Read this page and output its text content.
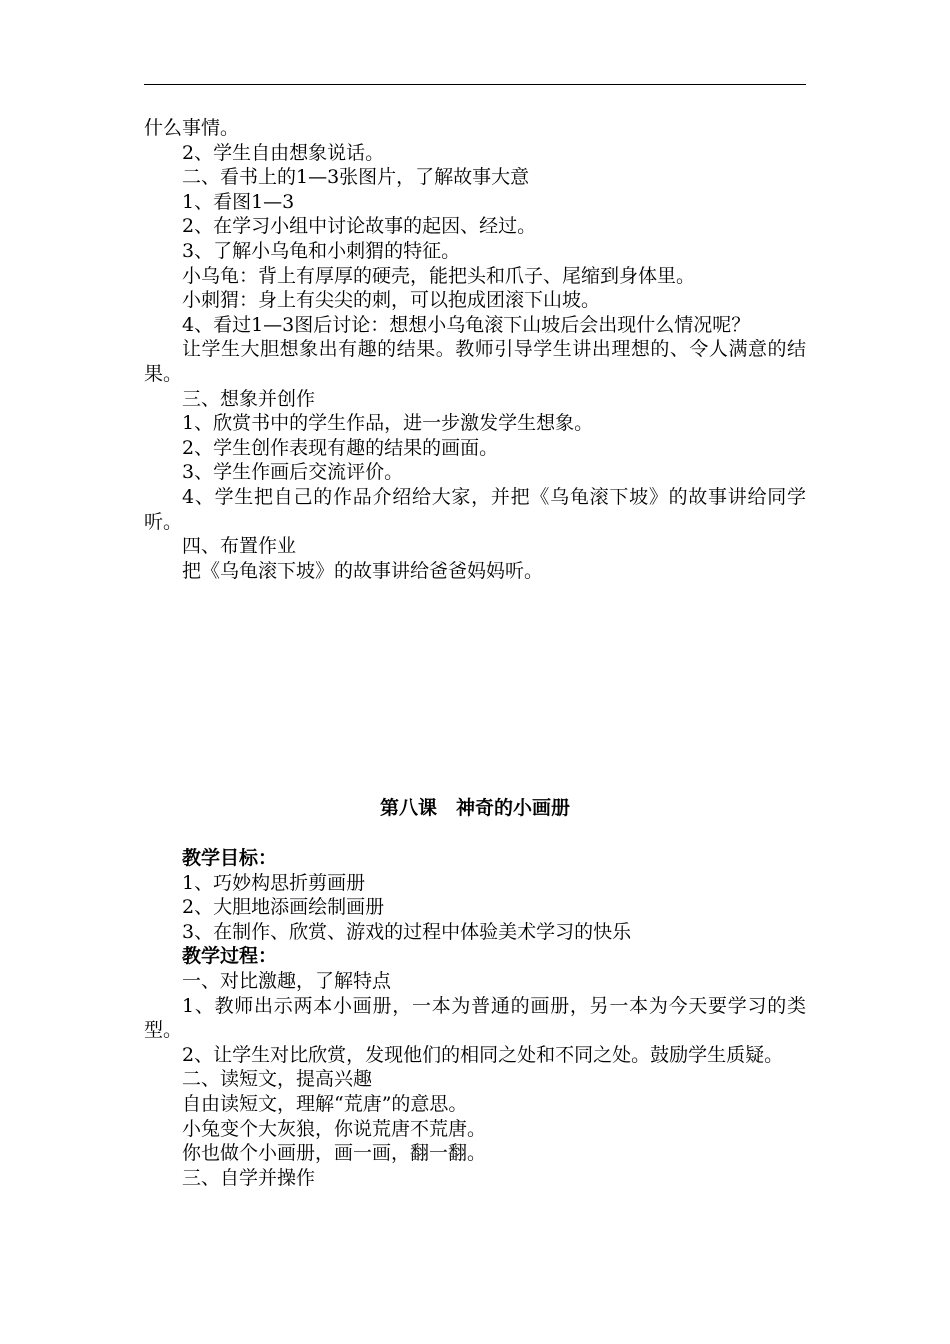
什么事情。

2、学生自由想象说话。

二、看书上的1—3张图片，了解故事大意

1、看图1—3

2、在学习小组中讨论故事的起因、经过。

3、了解小乌龟和小刺猬的特征。

小乌龟：背上有厚厚的硬壳，能把头和爪子、尾缩到身体里。

小刺猬：身上有尖尖的刺，可以抱成团滚下山坡。

4、看过1—3图后讨论：想想小乌龟滚下山坡后会出现什么情况呢？

让学生大胆想象出有趣的结果。教师引导学生讲出理想的、令人满意的结果。

三、想象并创作

1、欣赏书中的学生作品，进一步激发学生想象。

2、学生创作表现有趣的结果的画面。

3、学生作画后交流评价。

4、学生把自己的作品介绍给大家，并把《乌龟滚下坡》的故事讲给同学听。

四、布置作业

把《乌龟滚下坡》的故事讲给爸爸妈妈听。

第八课　神奇的小画册

教学目标：

1、巧妙构思折剪画册

2、大胆地添画绘制画册

3、在制作、欣赏、游戏的过程中体验美术学习的快乐

教学过程：

一、对比激趣，了解特点

1、教师出示两本小画册，一本为普通的画册，另一本为今天要学习的类型。

2、让学生对比欣赏，发现他们的相同之处和不同之处。鼓励学生质疑。

二、读短文，提高兴趣

自由读短文，理解“荒唐”的意思。

小兔变个大灰狼，你说荒唐不荒唐。

你也做个小画册，画一画，翻一翻。

三、自学并操作
